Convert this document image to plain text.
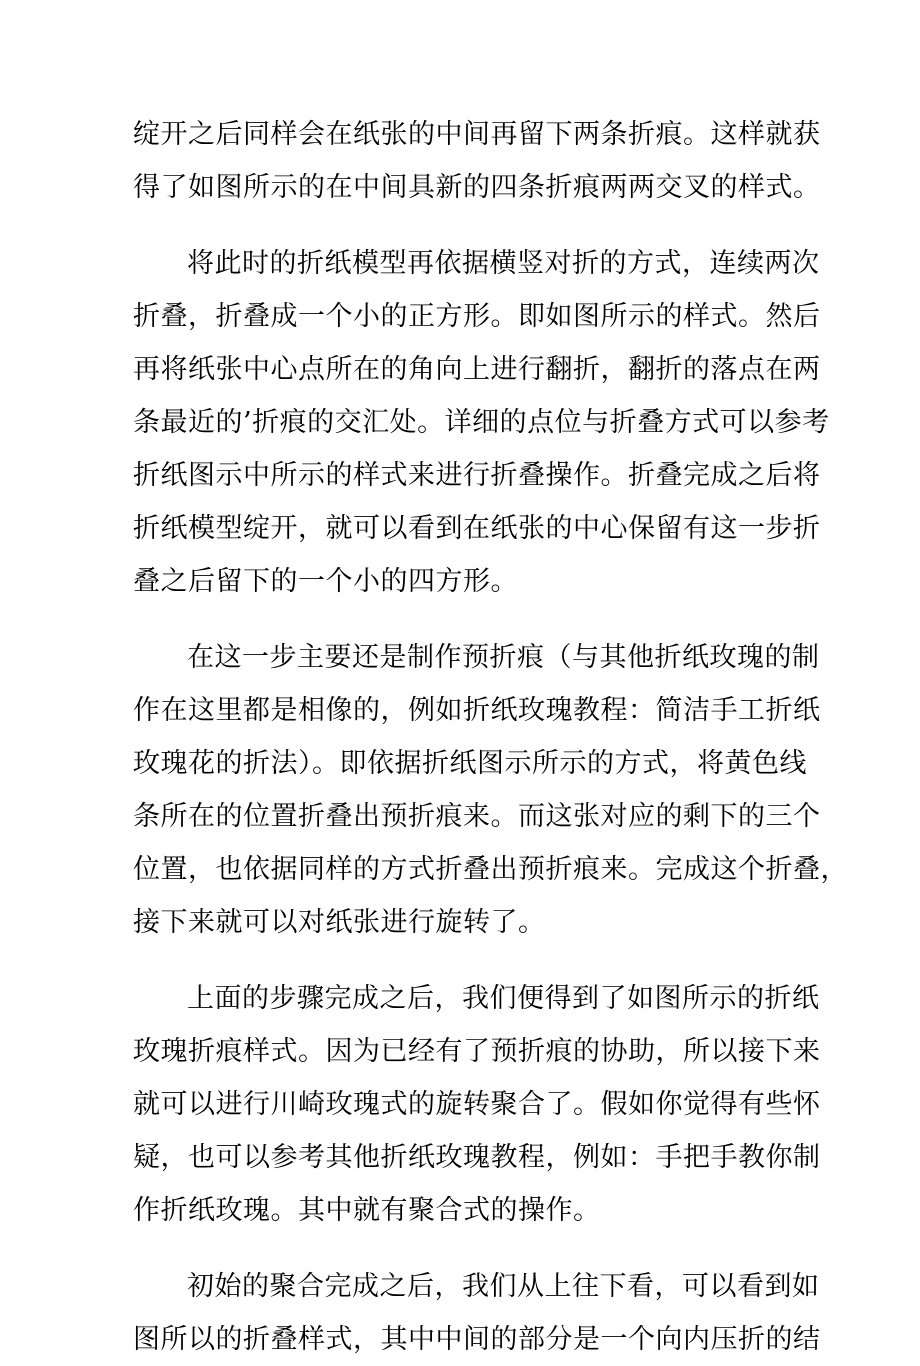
绽开之后同样会在纸张的中间再留下两条折痕。这样就获
得了如图所示的在中间具新的四条折痕两两交叉的样式。
将此时的折纸模型再依据横竖对折的方式，连续两次
折叠，折叠成一个小的正方形。即如图所示的样式。然后
再将纸张中心点所在的角向上进行翻折，翻折的落点在两
条最近的’折痕的交汇处。详细的点位与折叠方式可以参考
折纸图示中所示的样式来进行折叠操作。折叠完成之后将
折纸模型绽开，就可以看到在纸张的中心保留有这一步折
叠之后留下的一个小的四方形。
在这一步主要还是制作预折痕（与其他折纸玫瑰的制
作在这里都是相像的，例如折纸玫瑰教程：简洁手工折纸
玫瑰花的折法）。即依据折纸图示所示的方式，将黄色线
条所在的位置折叠出预折痕来。而这张对应的剩下的三个
位置，也依据同样的方式折叠出预折痕来。完成这个折叠，
接下来就可以对纸张进行旋转了。
上面的步骤完成之后，我们便得到了如图所示的折纸
玫瑰折痕样式。因为已经有了预折痕的协助，所以接下来
就可以进行川崎玫瑰式的旋转聚合了。假如你觉得有些怀
疑，也可以参考其他折纸玫瑰教程，例如：手把手教你制
作折纸玫瑰。其中就有聚合式的操作。
初始的聚合完成之后，我们从上往下看，可以看到如
图所以的折叠样式，其中中间的部分是一个向内压折的结
